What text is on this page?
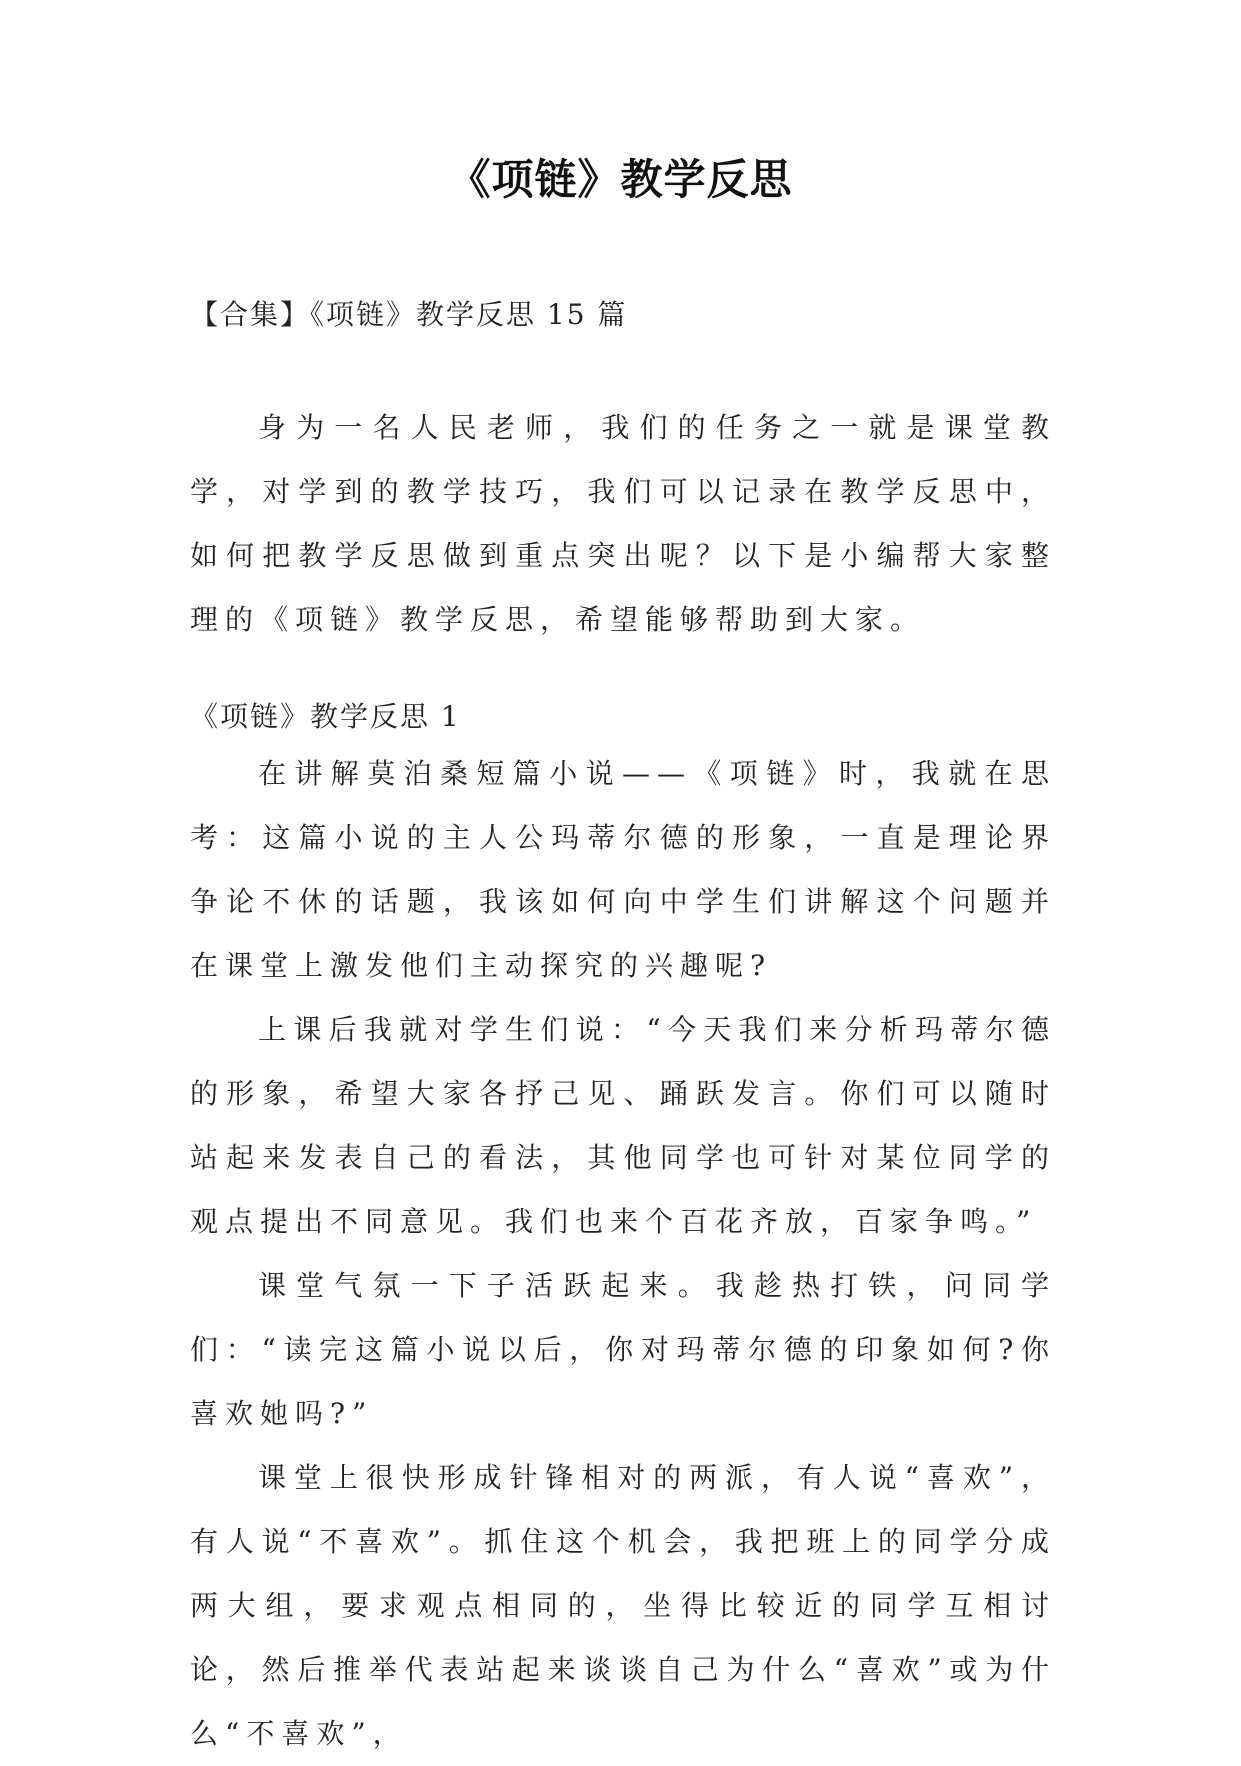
《项链》教学反思
【合集】《项链》教学反思 15 篇

身为一名人民老师，我们的任务之一就是课堂教学，对学到的教学技巧，我们可以记录在教学反思中，如何把教学反思做到重点突出呢？以下是小编帮大家整理的《项链》教学反思，希望能够帮助到大家。

《项链》教学反思 1

在讲解莫泊桑短篇小说——《项链》时，我就在思考：这篇小说的主人公玛蒂尔德的形象，一直是理论界争论不休的话题，我该如何向中学生们讲解这个问题并在课堂上激发他们主动探究的兴趣呢?

上课后我就对学生们说：“今天我们来分析玛蒂尔德的形象，希望大家各抒己见、踊跃发言。你们可以随时站起来发表自己的看法，其他同学也可针对某位同学的观点提出不同意见。我们也来个百花齐放，百家争鸣。”

课堂气氛一下子活跃起来。我趁热打铁，问同学们：“读完这篇小说以后，你对玛蒂尔德的印象如何?你喜欢她吗?”

课堂上很快形成针锋相对的两派，有人说“喜欢”，有人说“不喜欢”。抓住这个机会，我把班上的同学分成两大组，要求观点相同的，坐得比较近的同学互相讨论，然后推举代表站起来谈谈自己为什么“喜欢”或为什么“不喜欢”，
